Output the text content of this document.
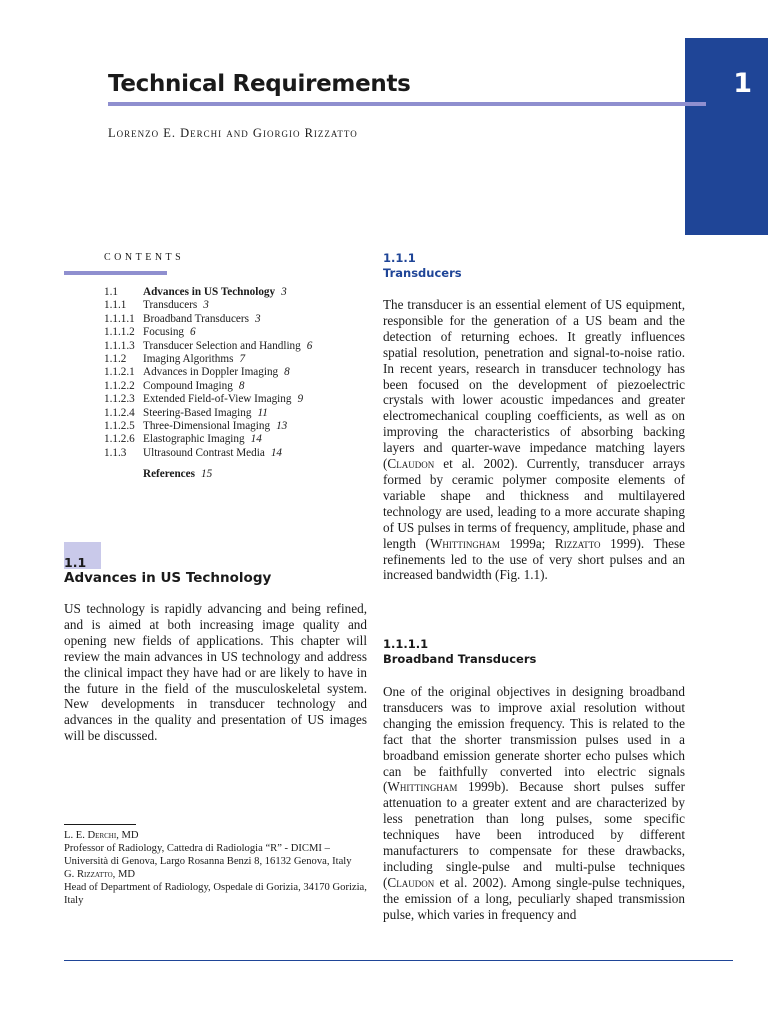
1
Technical Requirements
Lorenzo E. Derchi and Giorgio Rizzatto
CONTENTS
1.1	Advances in US Technology 3
1.1.1	Transducers 3
1.1.1.1 Broadband Transducers 3
1.1.1.2 Focusing 6
1.1.1.3 Transducer Selection and Handling 6
1.1.2	Imaging Algorithms 7
1.1.2.1 Advances in Doppler Imaging 8
1.1.2.2 Compound Imaging 8
1.1.2.3 Extended Field-of-View Imaging 9
1.1.2.4 Steering-Based Imaging 11
1.1.2.5 Three-Dimensional Imaging 13
1.1.2.6 Elastographic Imaging 14
1.1.3	Ultrasound Contrast Media 14
References 15
1.1
Advances in US Technology

US technology is rapidly advancing and being refined, and is aimed at both increasing image quality and opening new fields of applications. This chapter will review the main advances in US technology and address the clinical impact they have had or are likely to have in the future in the field of the musculoskeletal system. New developments in transducer technology and advances in the quality and presentation of US images will be discussed.

L. E. Derchi, MD

Professor of Radiology, Cattedra di Radiologia “R” - DICMI – Università di Genova, Largo Rosanna Benzi 8, 16132 Genova, Italy

G. Rizzatto, MD

Head of Department of Radiology, Ospedale di Gorizia, 34170 Gorizia, Italy

1.1.1
Transducers

The transducer is an essential element of US equipment, responsible for the generation of a US beam and the detection of returning echoes. It greatly influences spatial resolution, penetration and signal-to-noise ratio. In recent years, research in transducer technology has been focused on the development of piezoelectric crystals with lower acoustic impedances and greater electromechanical coupling coefficients, as well as on improving the characteristics of absorbing backing layers and quarter-wave impedance matching layers (Claudon et al. 2002). Currently, transducer arrays formed by ceramic polymer composite elements of variable shape and thickness and multilayered technology are used, leading to a more accurate shaping of US pulses in terms of frequency, amplitude, phase and length (Whittingham 1999a; Rizzatto 1999). These refinements led to the use of very short pulses and an increased bandwidth (Fig. 1.1).

1.1.1.1
Broadband Transducers

One of the original objectives in designing broadband transducers was to improve axial resolution without changing the emission frequency. This is related to the fact that the shorter transmission pulses used in a broadband emission generate shorter echo pulses which can be faithfully converted into electric signals (Whittingham 1999b). Because short pulses suffer attenuation to a greater extent and are characterized by less penetration than long pulses, some specific techniques have been introduced by different manufacturers to compensate for these drawbacks, including single-pulse and multi-pulse techniques (Claudon et al. 2002). Among single-pulse techniques, the emission of a long, peculiarly shaped transmission pulse, which varies in frequency and
